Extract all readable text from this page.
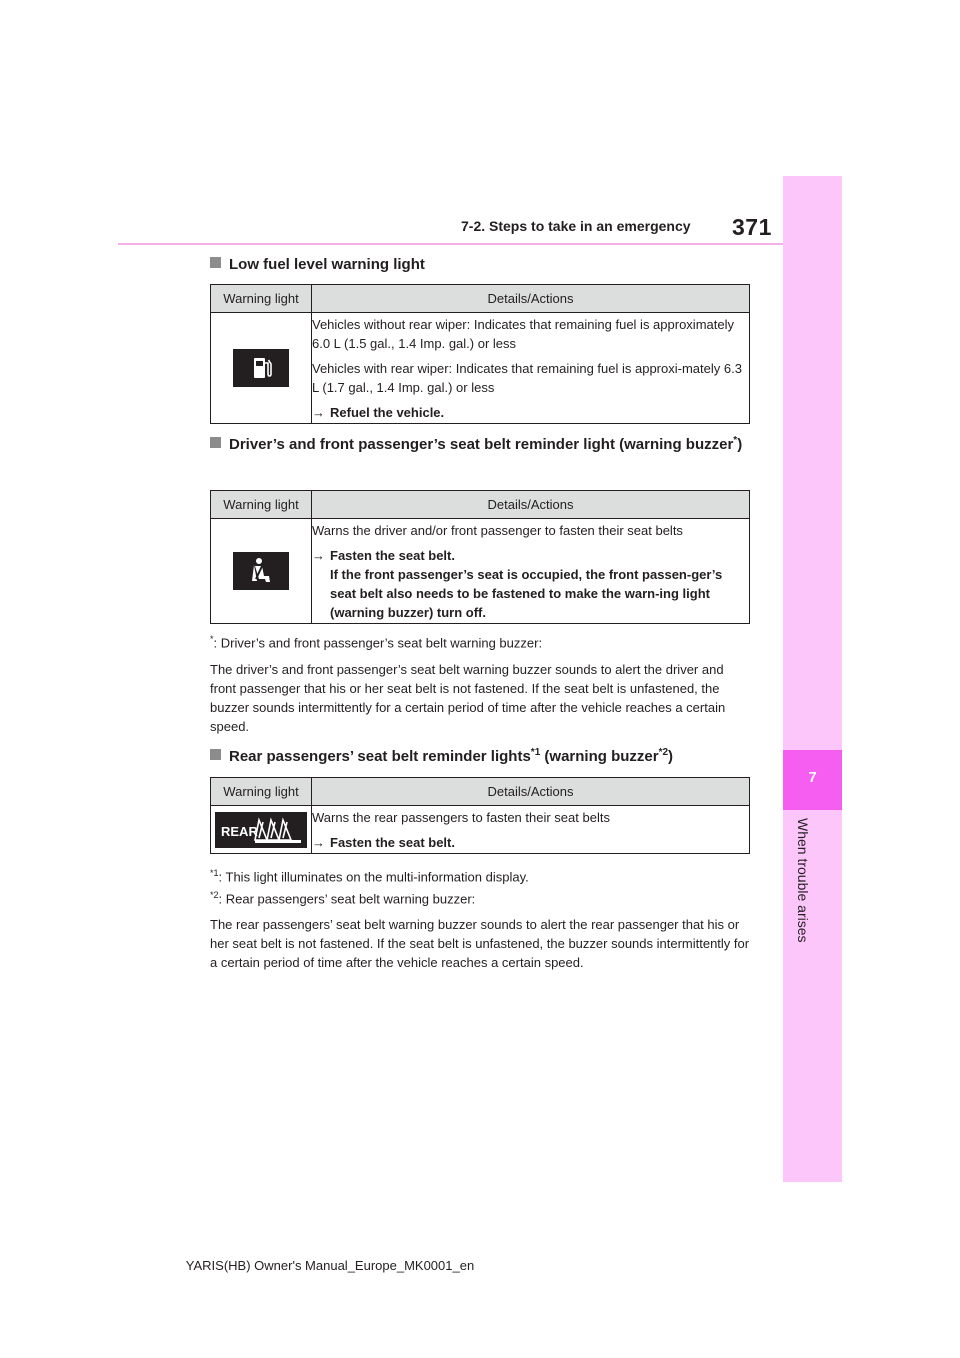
7-2. Steps to take in an emergency 371
7
When trouble arises
Low fuel level warning light
Warning light	Details/Actions

Vehicles without rear wiper: Indicates that remaining fuel is approximately 6.0 L (1.5 gal., 1.4 Imp. gal.) or less

Vehicles with rear wiper: Indicates that remaining fuel is approxi-mately 6.3 L (1.7 gal., 1.4 Imp. gal.) or less

→ Refuel the vehicle.

Driver’s and front passenger’s seat belt reminder light (warning buzzer*)
Warning light	Details/Actions

Warns the driver and/or front passenger to fasten their seat belts

→ Fasten the seat belt.
If the front passenger’s seat is occupied, the front passen-ger’s seat belt also needs to be fastened to make the warn-ing light (warning buzzer) turn off.

*: Driver’s and front passenger’s seat belt warning buzzer:
The driver’s and front passenger’s seat belt warning buzzer sounds to alert the driver and front passenger that his or her seat belt is not fastened. If the seat belt is unfastened, the buzzer sounds intermittently for a certain period of time after the vehicle reaches a certain speed.
Rear passengers’ seat belt reminder lights$^{*1}$ (warning buzzer$^{*2}$)
Warning light	Details/Actions

REAR	Warns the rear passengers to fasten their seat belts

→ Fasten the seat belt.

$^{*1}$: This light illuminates on the multi-information display.
$^{*2}$: Rear passengers’ seat belt warning buzzer:
The rear passengers’ seat belt warning buzzer sounds to alert the rear passenger that his or her seat belt is not fastened. If the seat belt is unfastened, the buzzer sounds intermittently for a certain period of time after the vehicle reaches a certain speed.
YARIS(HB) Owner's Manual_Europe_MK0001_en
